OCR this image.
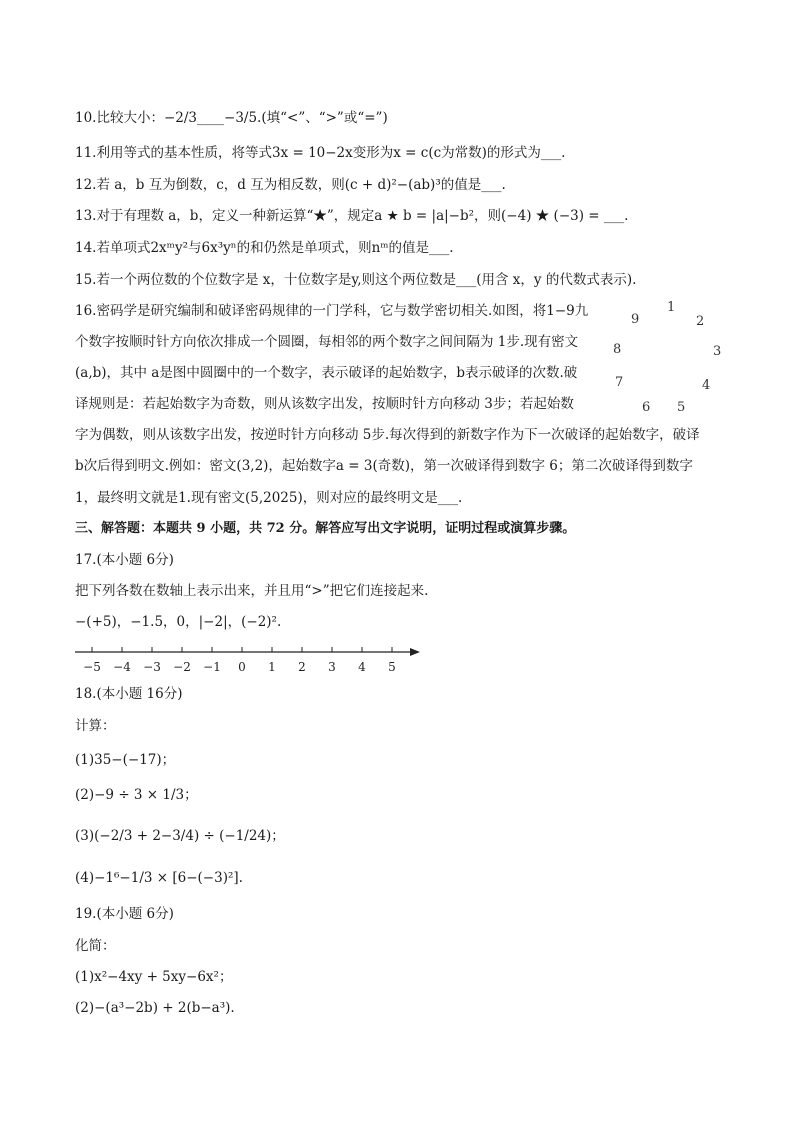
10.比较大小：−2/3____−3/5.(填“<”、“>”或“=”)
11.利用等式的基本性质，将等式3x = 10−2x变形为x = c(c为常数)的形式为___.
12.若 a，b 互为倒数，c，d 互为相反数，则(c + d)²−(ab)³的值是___.
13.对于有理数 a，b，定义一种新运算“★”，规定a ★ b = |a|−b²，则(−4) ★ (−3) = ___.
14.若单项式2xᵐy²与6x³yⁿ的和仍然是单项式，则nᵐ的值是___.
15.若一个两位数的个位数字是 x，十位数字是y,则这个两位数是___(用含 x，y 的代数式表示).
16.密码学是研究编制和破译密码规律的一门学科，它与数学密切相关.如图，将1−9九
个数字按顺时针方向依次排成一个圆圈，每相邻的两个数字之间间隔为 1步.现有密文
(a,b)，其中 a是图中圆圈中的一个数字，表示破译的起始数字，b表示破译的次数.破
译规则是：若起始数字为奇数，则从该数字出发，按顺时针方向移动 3步；若起始数
字为偶数，则从该数字出发，按逆时针方向移动 5步.每次得到的新数字作为下一次破译的起始数字，破译
b次后得到明文.例如：密文(3,2)，起始数字a = 3(奇数)，第一次破译得到数字 6；第二次破译得到数字
1，最终明文就是1.现有密文(5,2025)，则对应的最终明文是___.
三、解答题：本题共 9 小题，共 72 分。解答应写出文字说明，证明过程或演算步骤。
17.(本小题 6分)
把下列各数在数轴上表示出来，并且用“>”把它们连接起来.
−(+5)，−1.5，0，|−2|，(−2)².
−5 −4 −3 −2 −1 0 1 2 3 4 5
18.(本小题 16分)
计算：
(1)35−(−17)；
(2)−9 ÷ 3 × 1/3；
(3)(−2/3 + 2−3/4) ÷ (−1/24)；
(4)−1⁶−1/3 × [6−(−3)²].
19.(本小题 6分)
化简：
(1)x²−4xy + 5xy−6x²；
(2)−(a³−2b) + 2(b−a³).
1
2
3
4
5
6
7
8
9
